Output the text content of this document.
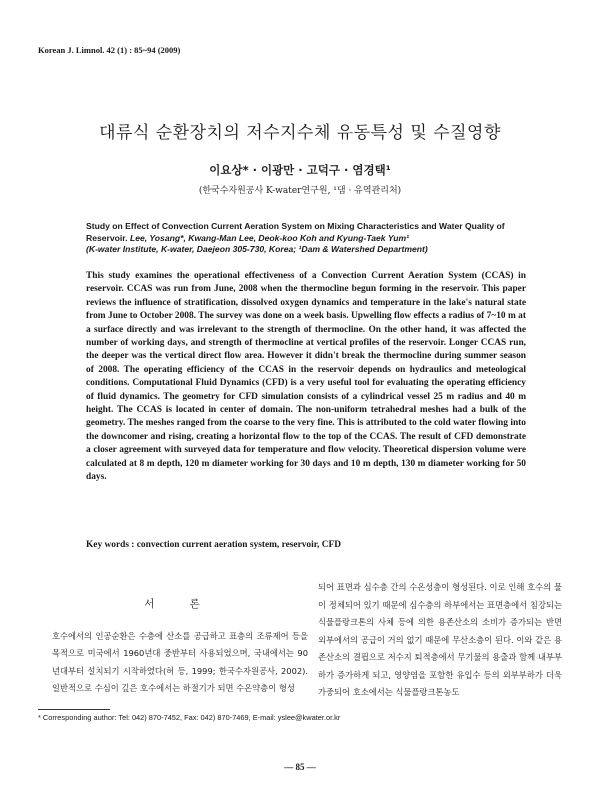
Korean J. Limnol. 42 (1) : 85~94 (2009)
대류식 순환장치의 저수지수체 유동특성 및 수질영향
이요상* · 이광만 · 고덕구 · 염경택¹
(한국수자원공사 K-water연구원, ¹댐 · 유역관리처)
Study on Effect of Convection Current Aeration System on Mixing Characteristics and Water Quality of Reservoir. Lee, Yosang*, Kwang-Man Lee, Deok-koo Koh and Kyung-Taek Yum¹
(K-water Institute, K-water, Daejeon 305-730, Korea; ¹Dam & Watershed Department)

This study examines the operational effectiveness of a Convection Current Aeration System (CCAS) in reservoir. CCAS was run from June, 2008 when the thermocline begun forming in the reservoir. This paper reviews the influence of stratification, dissolved oxygen dynamics and temperature in the lake's natural state from June to October 2008. The survey was done on a week basis. Upwelling flow effects a radius of 7~10 m at a surface directly and was irrelevant to the strength of thermocline. On the other hand, it was affected the number of working days, and strength of thermocline at vertical profiles of the reservoir. Longer CCAS run, the deeper was the vertical direct flow area. However it didn't break the thermocline during summer season of 2008. The operating efficiency of the CCAS in the reservoir depends on hydraulics and meteological conditions. Computational Fluid Dynamics (CFD) is a very useful tool for evaluating the operating efficiency of fluid dynamics. The geometry for CFD simulation consists of a cylindrical vessel 25 m radius and 40 m height. The CCAS is located in center of domain. The non-uniform tetrahedral meshes had a bulk of the geometry. The meshes ranged from the coarse to the very fine. This is attributed to the cold water flowing into the downcomer and rising, creating a horizontal flow to the top of the CCAS. The result of CFD demonstrate a closer agreement with surveyed data for temperature and flow velocity. Theoretical dispersion volume were calculated at 8 m depth, 120 m diameter working for 30 days and 10 m depth, 130 m diameter working for 50 days.

Key words : convection current aeration system, reservoir, CFD
서 론

호수에서의 인공순환은 수층에 산소를 공급하고 표층의 조류제어 등을 목적으로 미국에서 1960년대 중반부터 사용되었으며, 국내에서는 90년대부터 설치되기 시작하였다(허 등, 1999; 한국수자원공사, 2002). 일반적으로 수심이 깊은 호수에서는 하절기가 되면 수온약층이 형성

되어 표면과 심수층 간의 수온성층이 형성된다. 이로 인해 호수의 물이 정체되어 있기 때문에 심수층의 하부에서는 표면층에서 침강되는 식물플랑크톤의 사체 등에 의한 용존산소의 소비가 증가되는 반면 외부에서의 공급이 거의 없기 때문에 무산소층이 된다. 이와 같은 용존산소의 결핍으로 저수지 퇴적층에서 무기물의 용출과 함께 내부부하가 증가하게 되고, 영양염을 포함한 유입수 등의 외부부하가 더욱 가중되어 호소에서는 식물플랑크톤농도

* Corresponding author: Tel: 042) 870-7452, Fax: 042) 870-7469, E-mail: yslee@kwater.or.kr
— 85 —
